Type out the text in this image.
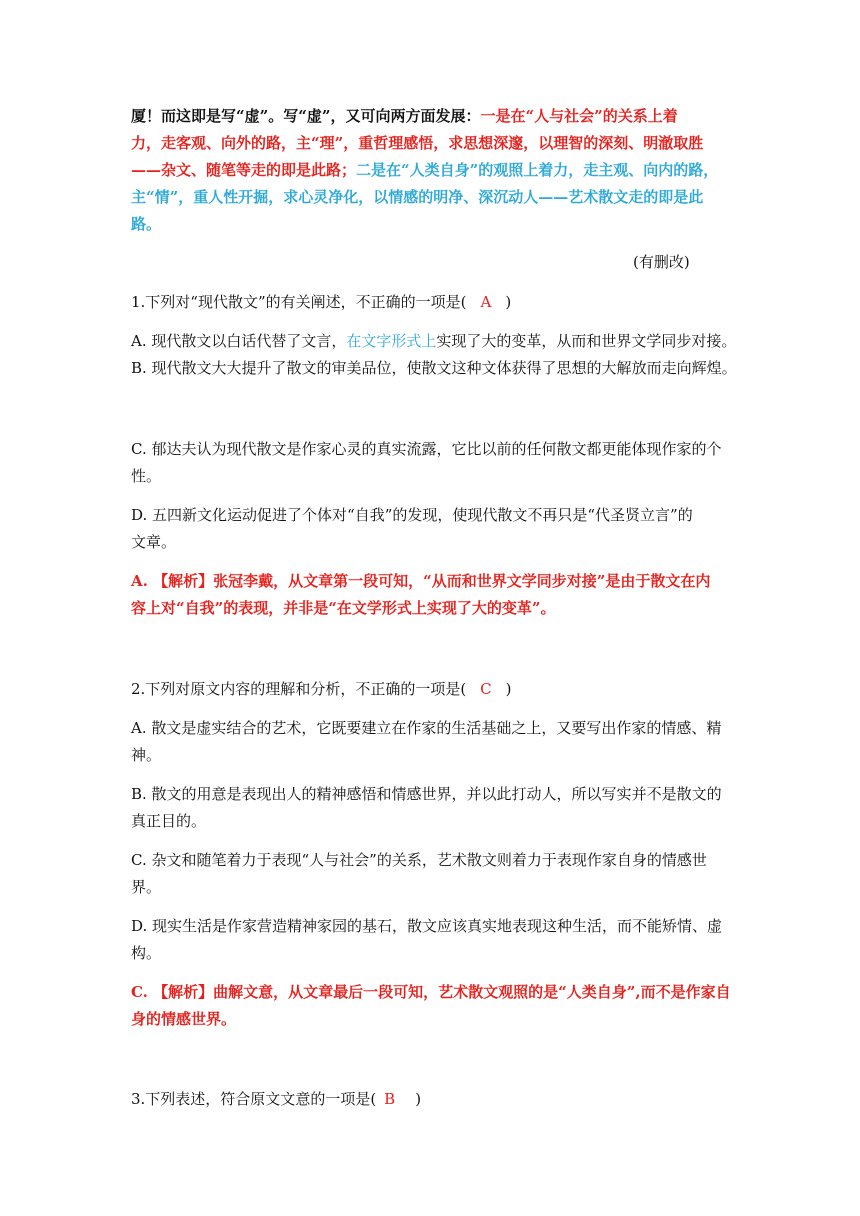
厦！而这即是写“虚”。写“虚”，又可向两方面发展：一是在“人与社会”的关系上着
力，走客观、向外的路，主“理”，重哲理感悟，求思想深邃，以理智的深刻、明澈取胜
——杂文、随笔等走的即是此路；二是在“人类自身”的观照上着力，走主观、向内的路，
主“情”，重人性开掘，求心灵净化，以情感的明净、深沉动人——艺术散文走的即是此
路。
(有删改)
1.下列对“现代散文”的有关阐述，不正确的一项是( A )
A. 现代散文以白话代替了文言，在文字形式上实现了大的变革，从而和世界文学同步对接。
B. 现代散文大大提升了散文的审美品位，使散文这种文体获得了思想的大解放而走向辉煌。
C. 郁达夫认为现代散文是作家心灵的真实流露，它比以前的任何散文都更能体现作家的个
性。
D. 五四新文化运动促进了个体对“自我”的发现，使现代散文不再只是“代圣贤立言”的
文章。
A. 【解析】张冠李戴，从文章第一段可知，“从而和世界文学同步对接”是由于散文在内
容上对“自我”的表现，并非是“在文学形式上实现了大的变革”。
2.下列对原文内容的理解和分析，不正确的一项是( C )
A. 散文是虚实结合的艺术，它既要建立在作家的生活基础之上，又要写出作家的情感、精
神。
B. 散文的用意是表现出人的精神感悟和情感世界，并以此打动人，所以写实并不是散文的
真正目的。
C. 杂文和随笔着力于表现“人与社会”的关系，艺术散文则着力于表现作家自身的情感世
界。
D. 现实生活是作家营造精神家园的基石，散文应该真实地表现这种生活，而不能矫情、虚
构。
C. 【解析】曲解文意，从文章最后一段可知，艺术散文观照的是“人类自身”,而不是作家自
身的情感世界。
3.下列表述，符合原文文意的一项是( B )
